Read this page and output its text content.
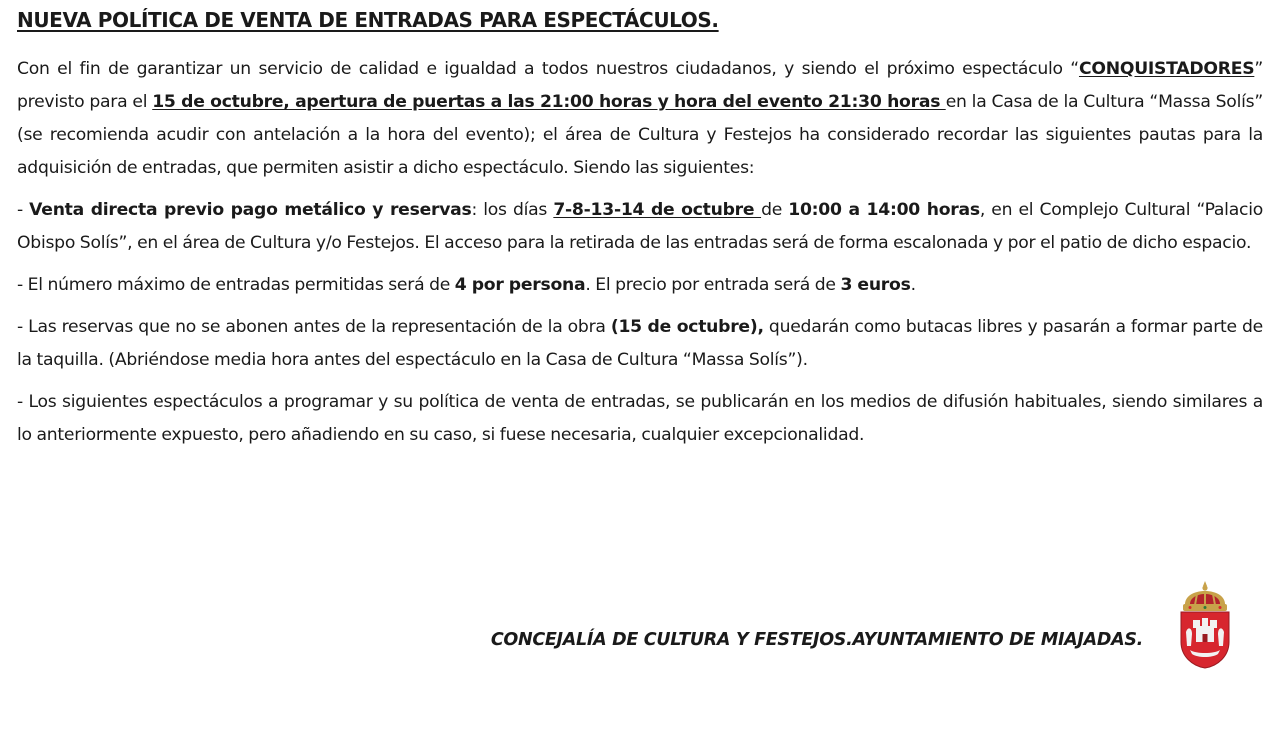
NUEVA POLÍTICA DE VENTA DE ENTRADAS PARA ESPECTÁCULOS.

Con el fin de garantizar un servicio de calidad e igualdad a todos nuestros ciudadanos, y siendo el próximo espectáculo “CONQUISTADORES” previsto para el 15 de octubre, apertura de puertas a las 21:00 horas y hora del evento 21:30 horas en la Casa de la Cultura “Massa Solís” (se recomienda acudir con antelación a la hora del evento); el área de Cultura y Festejos ha considerado recordar las siguientes pautas para la adquisición de entradas, que permiten asistir a dicho espectáculo. Siendo las siguientes:

- Venta directa previo pago metálico y reservas: los días 7-8-13-14 de octubre de 10:00 a 14:00 horas, en el Complejo Cultural “Palacio Obispo Solís”, en el área de Cultura y/o Festejos. El acceso para la retirada de las entradas será de forma escalonada y por el patio de dicho espacio.

- El número máximo de entradas permitidas será de 4 por persona. El precio por entrada será de 3 euros.

- Las reservas que no se abonen antes de la representación de la obra (15 de octubre), quedarán como butacas libres y pasarán a formar parte de la taquilla. (Abriéndose media hora antes del espectáculo en la Casa de Cultura “Massa Solís”).

- Los siguientes espectáculos a programar y su política de venta de entradas, se publicarán en los medios de difusión habituales, siendo similares a lo anteriormente expuesto, pero añadiendo en su caso, si fuese necesaria, cualquier excepcionalidad.

CONCEJALÍA DE CULTURA Y FESTEJOS.AYUNTAMIENTO DE MIAJADAS.
